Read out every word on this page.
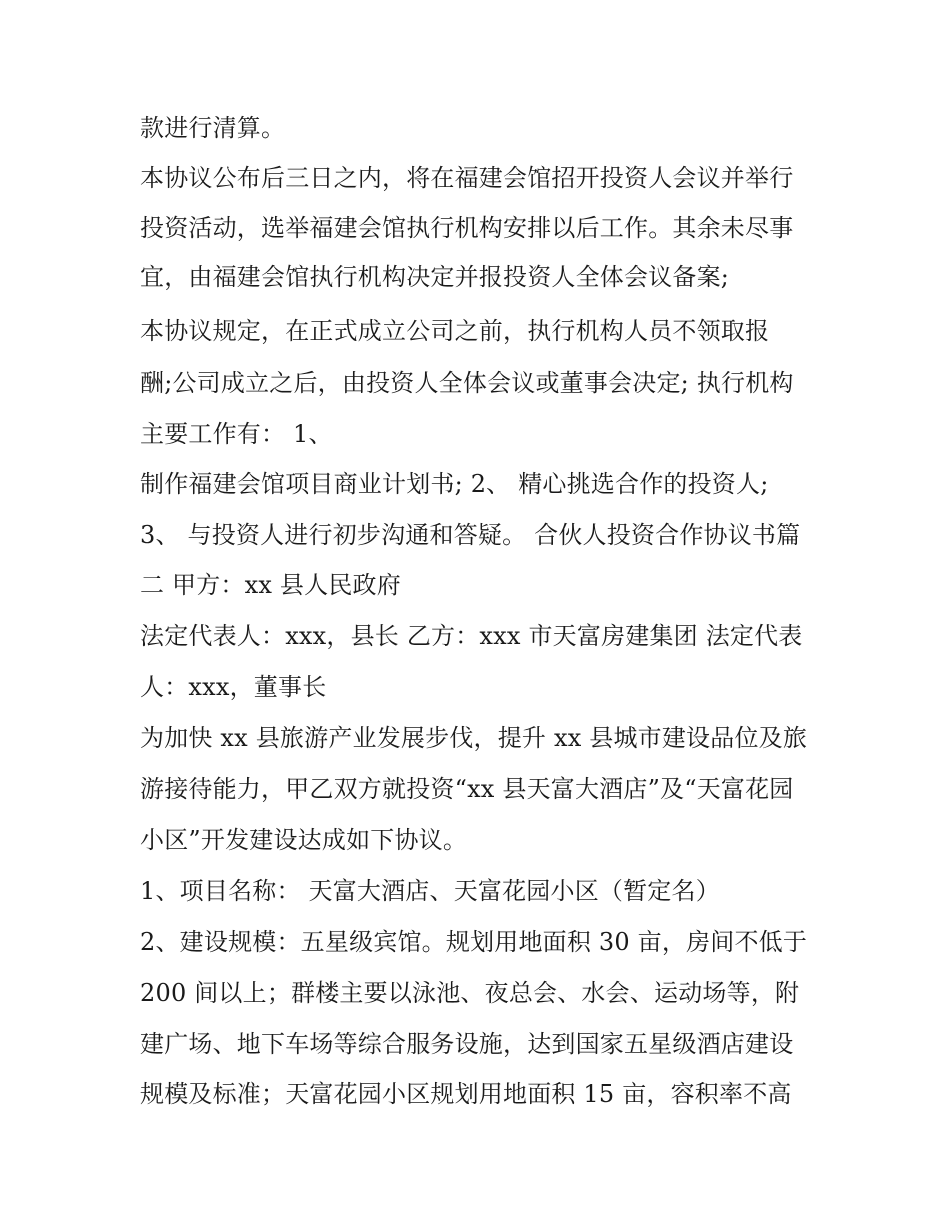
款进行清算。

本协议公布后三日之内，将在福建会馆招开投资人会议并举行

投资活动，选举福建会馆执行机构安排以后工作。其余未尽事

宜，由福建会馆执行机构决定并报投资人全体会议备案;

本协议规定，在正式成立公司之前，执行机构人员不领取报

酬;公司成立之后，由投资人全体会议或董事会决定; 执行机构

主要工作有： 1、

制作福建会馆项目商业计划书; 2、 精心挑选合作的投资人;

3、 与投资人进行初步沟通和答疑。 合伙人投资合作协议书篇

二 甲方：xx 县人民政府

法定代表人：xxx，县长 乙方：xxx 市天富房建集团 法定代表

人：xxx，董事长

为加快 xx 县旅游产业发展步伐，提升 xx 县城市建设品位及旅

游接待能力，甲乙双方就投资“xx 县天富大酒店”及“天富花园

小区”开发建设达成如下协议。

1、项目名称： 天富大酒店、天富花园小区（暂定名）

2、建设规模：五星级宾馆。规划用地面积 30 亩，房间不低于

200 间以上；群楼主要以泳池、夜总会、水会、运动场等，附

建广场、地下车场等综合服务设施，达到国家五星级酒店建设

规模及标准；天富花园小区规划用地面积 15 亩，容积率不高
